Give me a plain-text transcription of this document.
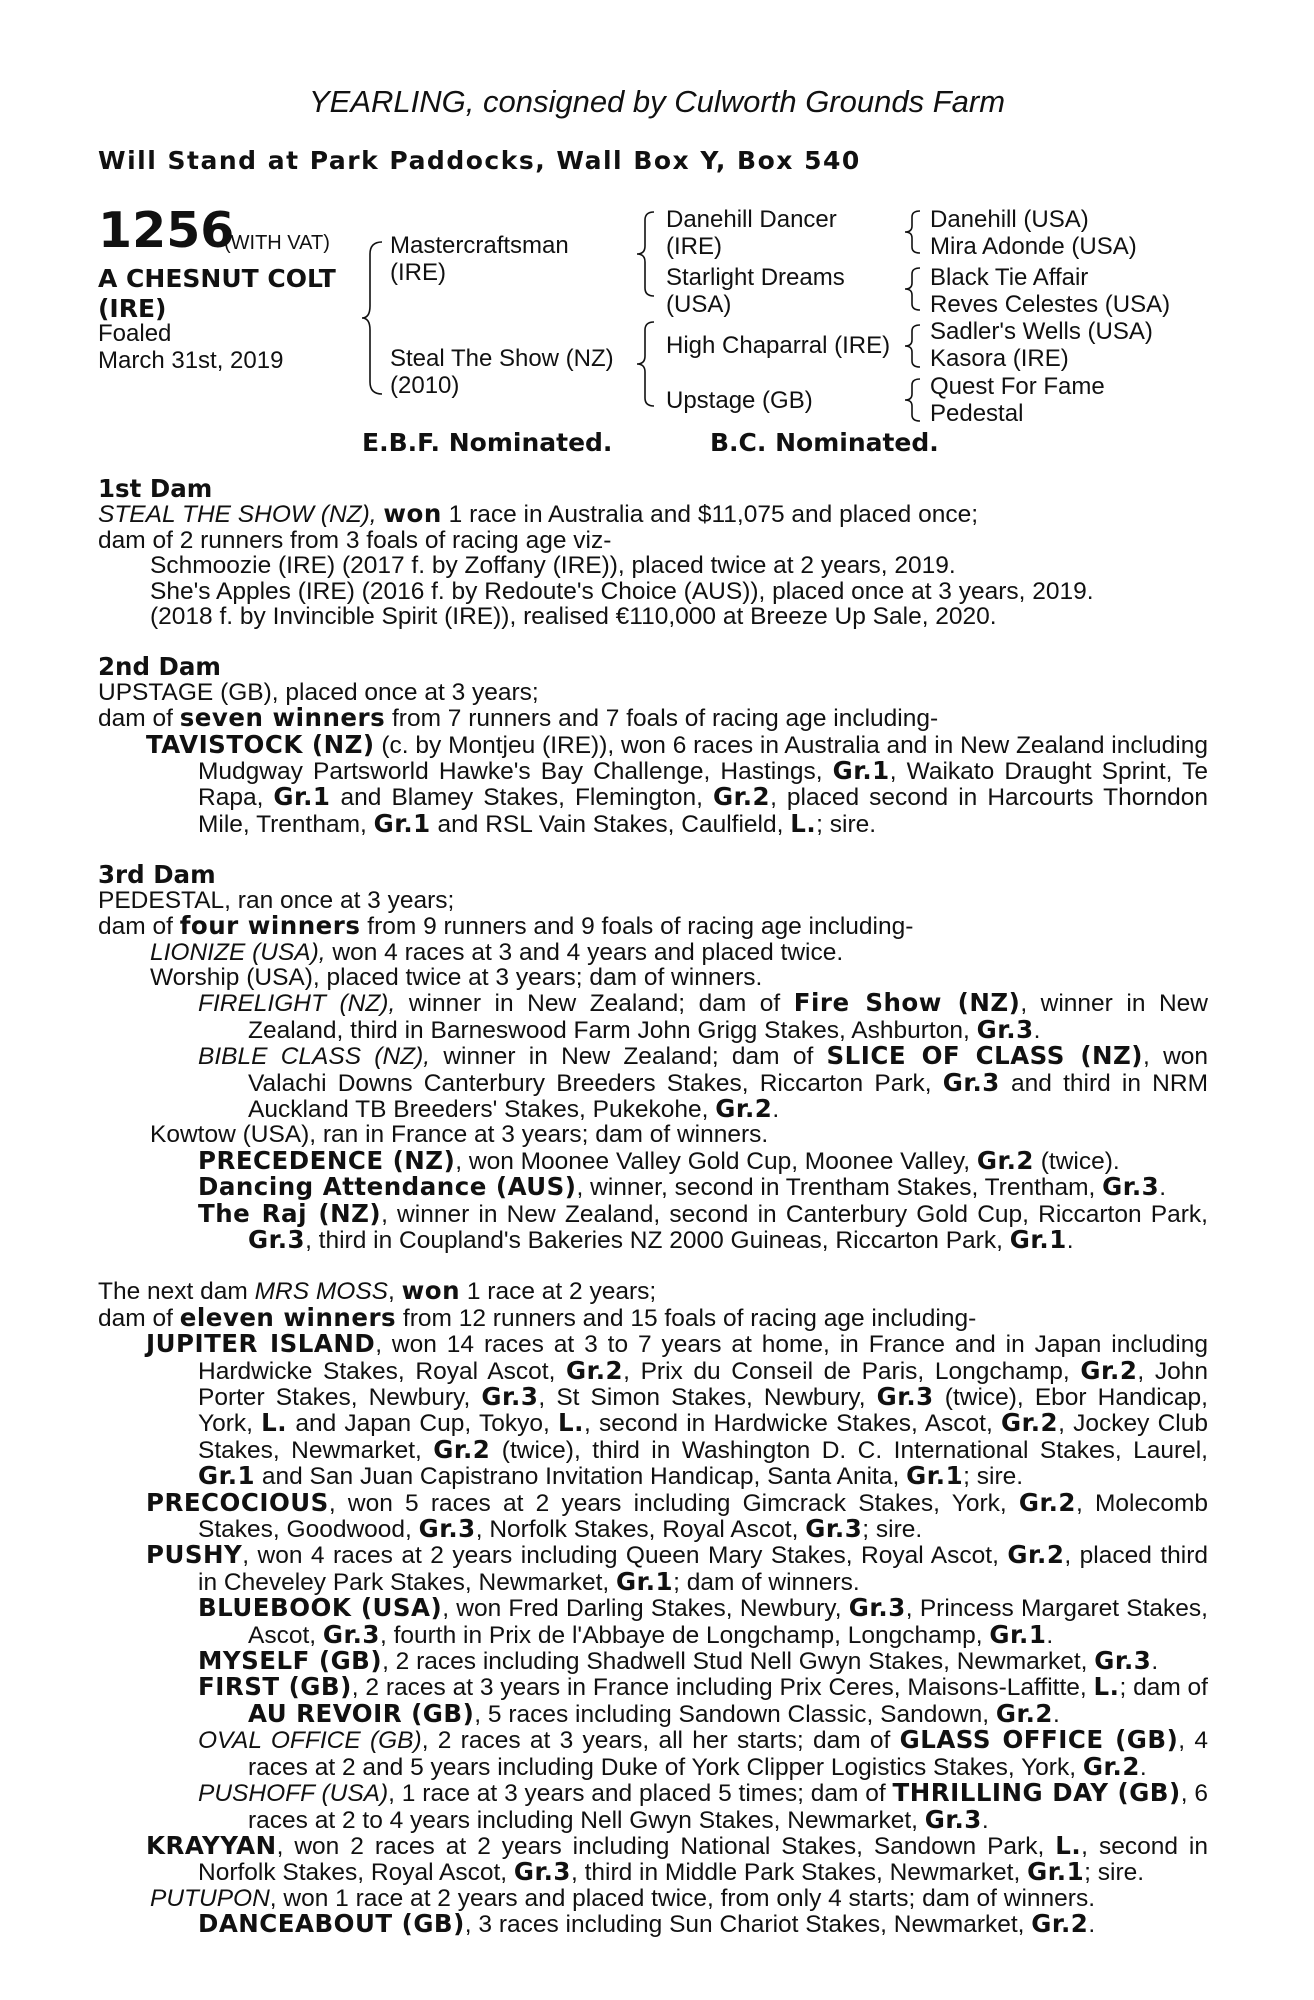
YEARLING, consigned by Culworth Grounds Farm
Will Stand at Park Paddocks, Wall Box Y, Box 540
1256
(WITH VAT)
A CHESNUT COLT
(IRE)
Foaled
March 31st, 2019
Mastercraftsman
(IRE)
Steal The Show (NZ)
(2010)
Danehill Dancer
(IRE)
Starlight Dreams
(USA)
High Chaparral (IRE)
Upstage (GB)
Danehill (USA)
Mira Adonde (USA)
Black Tie Affair
Reves Celestes (USA)
Sadler's Wells (USA)
Kasora (IRE)
Quest For Fame
Pedestal
E.B.F. Nominated.	B.C. Nominated.

1st Dam

STEAL THE SHOW (NZ), won 1 race in Australia and $11,075 and placed once;

dam of 2 runners from 3 foals of racing age viz-

Schmoozie (IRE) (2017 f. by Zoffany (IRE)), placed twice at 2 years, 2019.

She's Apples (IRE) (2016 f. by Redoute's Choice (AUS)), placed once at 3 years, 2019.

(2018 f. by Invincible Spirit (IRE)), realised €110,000 at Breeze Up Sale, 2020.

2nd Dam

UPSTAGE (GB), placed once at 3 years;

dam of seven winners from 7 runners and 7 foals of racing age including-

TAVISTOCK (NZ) (c. by Montjeu (IRE)), won 6 races in Australia and in New Zealand including Mudgway Partsworld Hawke's Bay Challenge, Hastings, Gr.1, Waikato Draught Sprint, Te Rapa, Gr.1 and Blamey Stakes, Flemington, Gr.2, placed second in Harcourts Thorndon Mile, Trentham, Gr.1 and RSL Vain Stakes, Caulfield, L.; sire.

3rd Dam

PEDESTAL, ran once at 3 years;

dam of four winners from 9 runners and 9 foals of racing age including-

LIONIZE (USA), won 4 races at 3 and 4 years and placed twice.

Worship (USA), placed twice at 3 years; dam of winners.

FIRELIGHT (NZ), winner in New Zealand; dam of Fire Show (NZ), winner in New Zealand, third in Barneswood Farm John Grigg Stakes, Ashburton, Gr.3.

BIBLE CLASS (NZ), winner in New Zealand; dam of SLICE OF CLASS (NZ), won Valachi Downs Canterbury Breeders Stakes, Riccarton Park, Gr.3 and third in NRM Auckland TB Breeders' Stakes, Pukekohe, Gr.2.

Kowtow (USA), ran in France at 3 years; dam of winners.

PRECEDENCE (NZ), won Moonee Valley Gold Cup, Moonee Valley, Gr.2 (twice).

Dancing Attendance (AUS), winner, second in Trentham Stakes, Trentham, Gr.3.

The Raj (NZ), winner in New Zealand, second in Canterbury Gold Cup, Riccarton Park, Gr.3, third in Coupland's Bakeries NZ 2000 Guineas, Riccarton Park, Gr.1.

The next dam MRS MOSS, won 1 race at 2 years;

dam of eleven winners from 12 runners and 15 foals of racing age including-

JUPITER ISLAND, won 14 races at 3 to 7 years at home, in France and in Japan including Hardwicke Stakes, Royal Ascot, Gr.2, Prix du Conseil de Paris, Longchamp, Gr.2, John Porter Stakes, Newbury, Gr.3, St Simon Stakes, Newbury, Gr.3 (twice), Ebor Handicap, York, L. and Japan Cup, Tokyo, L., second in Hardwicke Stakes, Ascot, Gr.2, Jockey Club Stakes, Newmarket, Gr.2 (twice), third in Washington D. C. International Stakes, Laurel, Gr.1 and San Juan Capistrano Invitation Handicap, Santa Anita, Gr.1; sire.

PRECOCIOUS, won 5 races at 2 years including Gimcrack Stakes, York, Gr.2, Molecomb Stakes, Goodwood, Gr.3, Norfolk Stakes, Royal Ascot, Gr.3; sire.

PUSHY, won 4 races at 2 years including Queen Mary Stakes, Royal Ascot, Gr.2, placed third in Cheveley Park Stakes, Newmarket, Gr.1; dam of winners.

BLUEBOOK (USA), won Fred Darling Stakes, Newbury, Gr.3, Princess Margaret Stakes, Ascot, Gr.3, fourth in Prix de l'Abbaye de Longchamp, Longchamp, Gr.1.

MYSELF (GB), 2 races including Shadwell Stud Nell Gwyn Stakes, Newmarket, Gr.3.

FIRST (GB), 2 races at 3 years in France including Prix Ceres, Maisons-Laffitte, L.; dam of AU REVOIR (GB), 5 races including Sandown Classic, Sandown, Gr.2.

OVAL OFFICE (GB), 2 races at 3 years, all her starts; dam of GLASS OFFICE (GB), 4 races at 2 and 5 years including Duke of York Clipper Logistics Stakes, York, Gr.2.

PUSHOFF (USA), 1 race at 3 years and placed 5 times; dam of THRILLING DAY (GB), 6 races at 2 to 4 years including Nell Gwyn Stakes, Newmarket, Gr.3.

KRAYYAN, won 2 races at 2 years including National Stakes, Sandown Park, L., second in Norfolk Stakes, Royal Ascot, Gr.3, third in Middle Park Stakes, Newmarket, Gr.1; sire.

PUTUPON, won 1 race at 2 years and placed twice, from only 4 starts; dam of winners.

DANCEABOUT (GB), 3 races including Sun Chariot Stakes, Newmarket, Gr.2.
